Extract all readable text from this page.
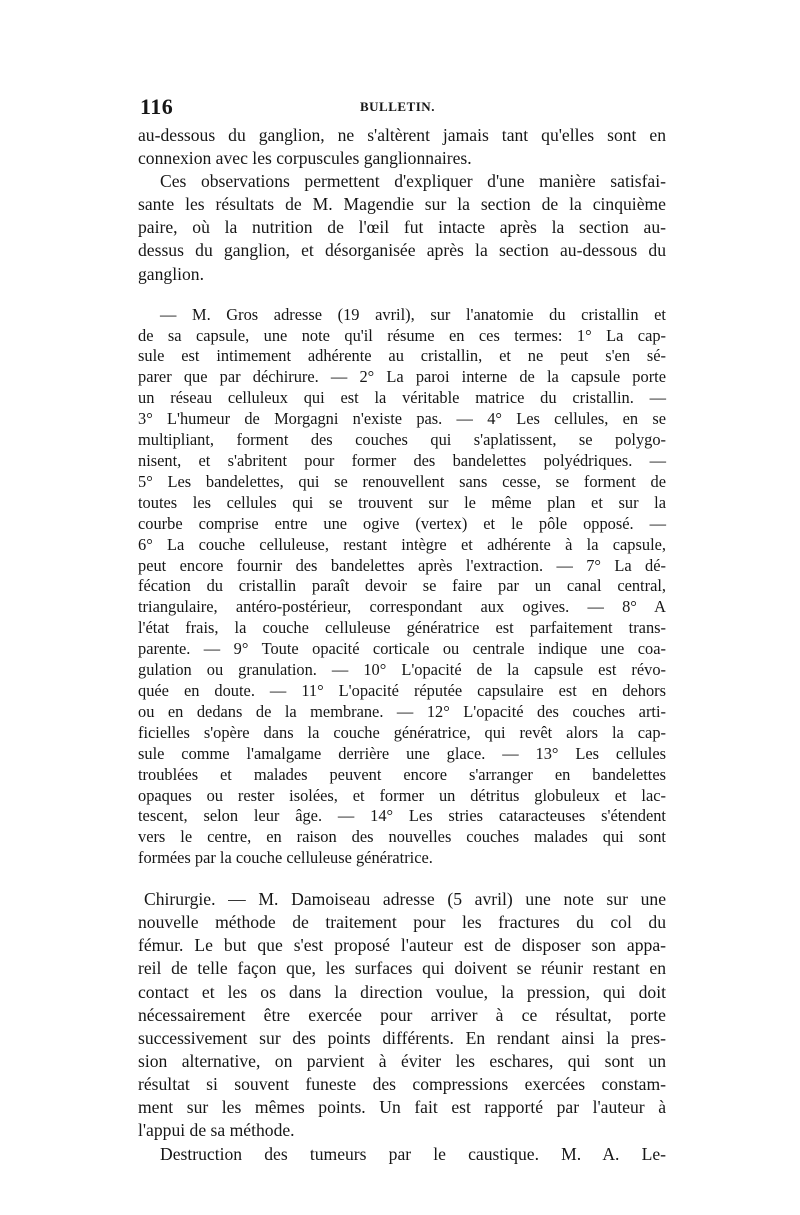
116	BULLETIN.
au-dessous du ganglion, ne s'altèrent jamais tant qu'elles sont en
connexion avec les corpuscules ganglionnaires.
Ces observations permettent d'expliquer d'une manière satisfai-
sante les résultats de M. Magendie sur la section de la cinquième
paire, où la nutrition de l'œil fut intacte après la section au-
dessus du ganglion, et désorganisée après la section au-dessous du
ganglion.
— M. Gros adresse (19 avril), sur l'anatomie du cristallin et
de sa capsule, une note qu'il résume en ces termes: 1° La cap-
sule est intimement adhérente au cristallin, et ne peut s'en sé-
parer que par déchirure. — 2° La paroi interne de la capsule porte
un réseau celluleux qui est la véritable matrice du cristallin. —
3° L'humeur de Morgagni n'existe pas. — 4° Les cellules, en se
multipliant, forment des couches qui s'aplatissent, se polygo-
nisent, et s'abritent pour former des bandelettes polyédriques. —
5° Les bandelettes, qui se renouvellent sans cesse, se forment de
toutes les cellules qui se trouvent sur le même plan et sur la
courbe comprise entre une ogive (vertex) et le pôle opposé. —
6° La couche celluleuse, restant intègre et adhérente à la capsule,
peut encore fournir des bandelettes après l'extraction. — 7° La dé-
fécation du cristallin paraît devoir se faire par un canal central,
triangulaire, antéro-postérieur, correspondant aux ogives. — 8° A
l'état frais, la couche celluleuse génératrice est parfaitement trans-
parente. — 9° Toute opacité corticale ou centrale indique une coa-
gulation ou granulation. — 10° L'opacité de la capsule est révo-
quée en doute. — 11° L'opacité réputée capsulaire est en dehors
ou en dedans de la membrane. — 12° L'opacité des couches arti-
ficielles s'opère dans la couche génératrice, qui revêt alors la cap-
sule comme l'amalgame derrière une glace. — 13° Les cellules
troublées et malades peuvent encore s'arranger en bandelettes
opaques ou rester isolées, et former un détritus globuleux et lac-
tescent, selon leur âge. — 14° Les stries cataracteuses s'étendent
vers le centre, en raison des nouvelles couches malades qui sont
formées par la couche celluleuse génératrice.
Chirurgie. — M. Damoiseau adresse (5 avril) une note sur une
nouvelle méthode de traitement pour les fractures du col du
fémur. Le but que s'est proposé l'auteur est de disposer son appa-
reil de telle façon que, les surfaces qui doivent se réunir restant en
contact et les os dans la direction voulue, la pression, qui doit
nécessairement être exercée pour arriver à ce résultat, porte
successivement sur des points différents. En rendant ainsi la pres-
sion alternative, on parvient à éviter les eschares, qui sont un
résultat si souvent funeste des compressions exercées constam-
ment sur les mêmes points. Un fait est rapporté par l'auteur à
l'appui de sa méthode.
Destruction des tumeurs par le caustique. M. A. Le-
